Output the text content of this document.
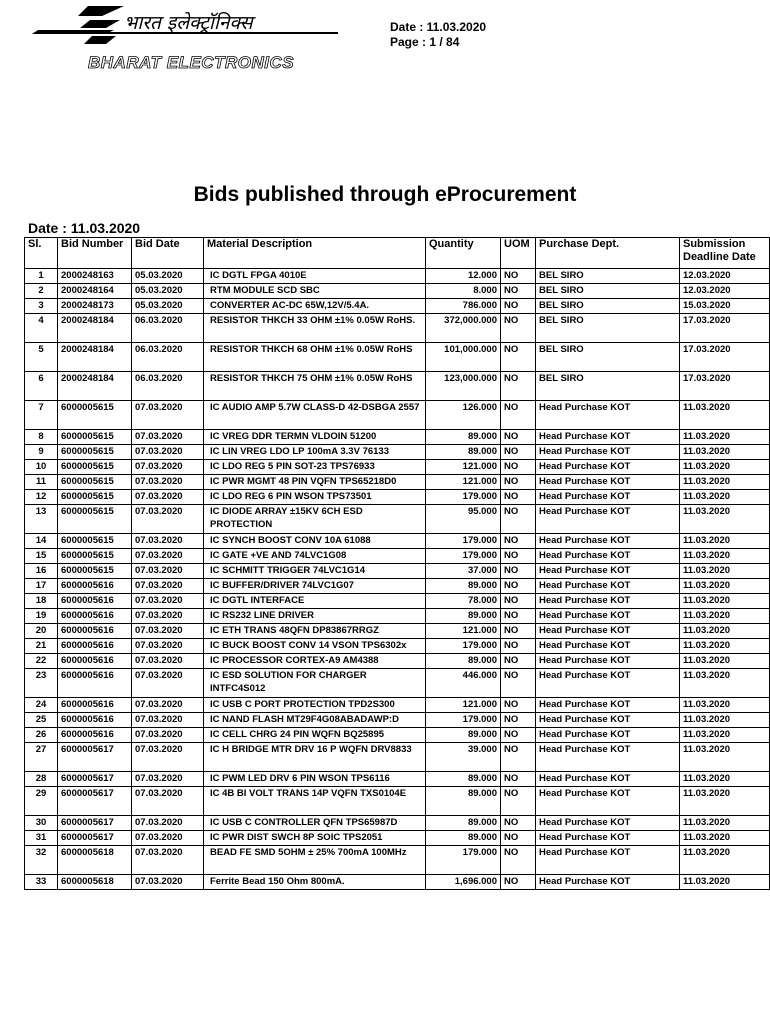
भारत इलेक्ट्रॉनिक्स
BHARAT ELECTRONICS
Date : 11.03.2020
Page : 1 / 84
Bids published through eProcurement
Date : 11.03.2020
Sl.	Bid Number	Bid Date	Material Description	Quantity	UOM	Purchase Dept.	Submission Deadline Date
1	2000248163	05.03.2020	IC DGTL FPGA 4010E	12.000	NO	BEL SIRO	12.03.2020
2	2000248164	05.03.2020	RTM MODULE SCD SBC	8.000	NO	BEL SIRO	12.03.2020
3	2000248173	05.03.2020	CONVERTER AC-DC 65W,12V/5.4A.	786.000	NO	BEL SIRO	15.03.2020
4	2000248184	06.03.2020	RESISTOR THKCH 33 OHM ±1% 0.05W RoHS.	372,000.000	NO	BEL SIRO	17.03.2020
5	2000248184	06.03.2020	RESISTOR THKCH 68 OHM ±1% 0.05W RoHS	101,000.000	NO	BEL SIRO	17.03.2020
6	2000248184	06.03.2020	RESISTOR THKCH 75 OHM ±1% 0.05W RoHS	123,000.000	NO	BEL SIRO	17.03.2020
7	6000005615	07.03.2020	IC AUDIO AMP 5.7W CLASS-D 42-DSBGA 2557	126.000	NO	Head Purchase KOT	11.03.2020
8	6000005615	07.03.2020	IC VREG DDR TERMN VLDOIN 51200	89.000	NO	Head Purchase KOT	11.03.2020
9	6000005615	07.03.2020	IC LIN VREG LDO LP 100mA 3.3V 76133	89.000	NO	Head Purchase KOT	11.03.2020
10	6000005615	07.03.2020	IC LDO REG 5 PIN SOT-23 TPS76933	121.000	NO	Head Purchase KOT	11.03.2020
11	6000005615	07.03.2020	IC PWR MGMT 48 PIN VQFN TPS65218D0	121.000	NO	Head Purchase KOT	11.03.2020
12	6000005615	07.03.2020	IC LDO REG 6 PIN WSON TPS73501	179.000	NO	Head Purchase KOT	11.03.2020
13	6000005615	07.03.2020	IC DIODE ARRAY ±15KV 6CH ESD PROTECTION	95.000	NO	Head Purchase KOT	11.03.2020
14	6000005615	07.03.2020	IC SYNCH BOOST CONV 10A 61088	179.000	NO	Head Purchase KOT	11.03.2020
15	6000005615	07.03.2020	IC GATE +VE AND 74LVC1G08	179.000	NO	Head Purchase KOT	11.03.2020
16	6000005615	07.03.2020	IC SCHMITT TRIGGER 74LVC1G14	37.000	NO	Head Purchase KOT	11.03.2020
17	6000005616	07.03.2020	IC BUFFER/DRIVER 74LVC1G07	89.000	NO	Head Purchase KOT	11.03.2020
18	6000005616	07.03.2020	IC DGTL INTERFACE	78.000	NO	Head Purchase KOT	11.03.2020
19	6000005616	07.03.2020	IC RS232 LINE DRIVER	89.000	NO	Head Purchase KOT	11.03.2020
20	6000005616	07.03.2020	IC ETH TRANS 48QFN DP83867RRGZ	121.000	NO	Head Purchase KOT	11.03.2020
21	6000005616	07.03.2020	IC BUCK BOOST CONV 14 VSON TPS6302x	179.000	NO	Head Purchase KOT	11.03.2020
22	6000005616	07.03.2020	IC PROCESSOR CORTEX-A9 AM4388	89.000	NO	Head Purchase KOT	11.03.2020
23	6000005616	07.03.2020	IC ESD SOLUTION FOR CHARGER INTFC4S012	446.000	NO	Head Purchase KOT	11.03.2020
24	6000005616	07.03.2020	IC USB C PORT PROTECTION TPD2S300	121.000	NO	Head Purchase KOT	11.03.2020
25	6000005616	07.03.2020	IC NAND FLASH MT29F4G08ABADAWP:D	179.000	NO	Head Purchase KOT	11.03.2020
26	6000005616	07.03.2020	IC CELL CHRG 24 PIN WQFN BQ25895	89.000	NO	Head Purchase KOT	11.03.2020
27	6000005617	07.03.2020	IC H BRIDGE MTR DRV 16 P WQFN DRV8833	39.000	NO	Head Purchase KOT	11.03.2020
28	6000005617	07.03.2020	IC PWM LED DRV 6 PIN WSON TPS6116	89.000	NO	Head Purchase KOT	11.03.2020
29	6000005617	07.03.2020	IC 4B BI VOLT TRANS 14P VQFN TXS0104E	89.000	NO	Head Purchase KOT	11.03.2020
30	6000005617	07.03.2020	IC USB C CONTROLLER QFN TPS65987D	89.000	NO	Head Purchase KOT	11.03.2020
31	6000005617	07.03.2020	IC PWR DIST SWCH 8P SOIC TPS2051	89.000	NO	Head Purchase KOT	11.03.2020
32	6000005618	07.03.2020	BEAD FE SMD 5OHM ± 25% 700mA 100MHz	179.000	NO	Head Purchase KOT	11.03.2020
33	6000005618	07.03.2020	Ferrite Bead 150 Ohm 800mA.	1,696.000	NO	Head Purchase KOT	11.03.2020
